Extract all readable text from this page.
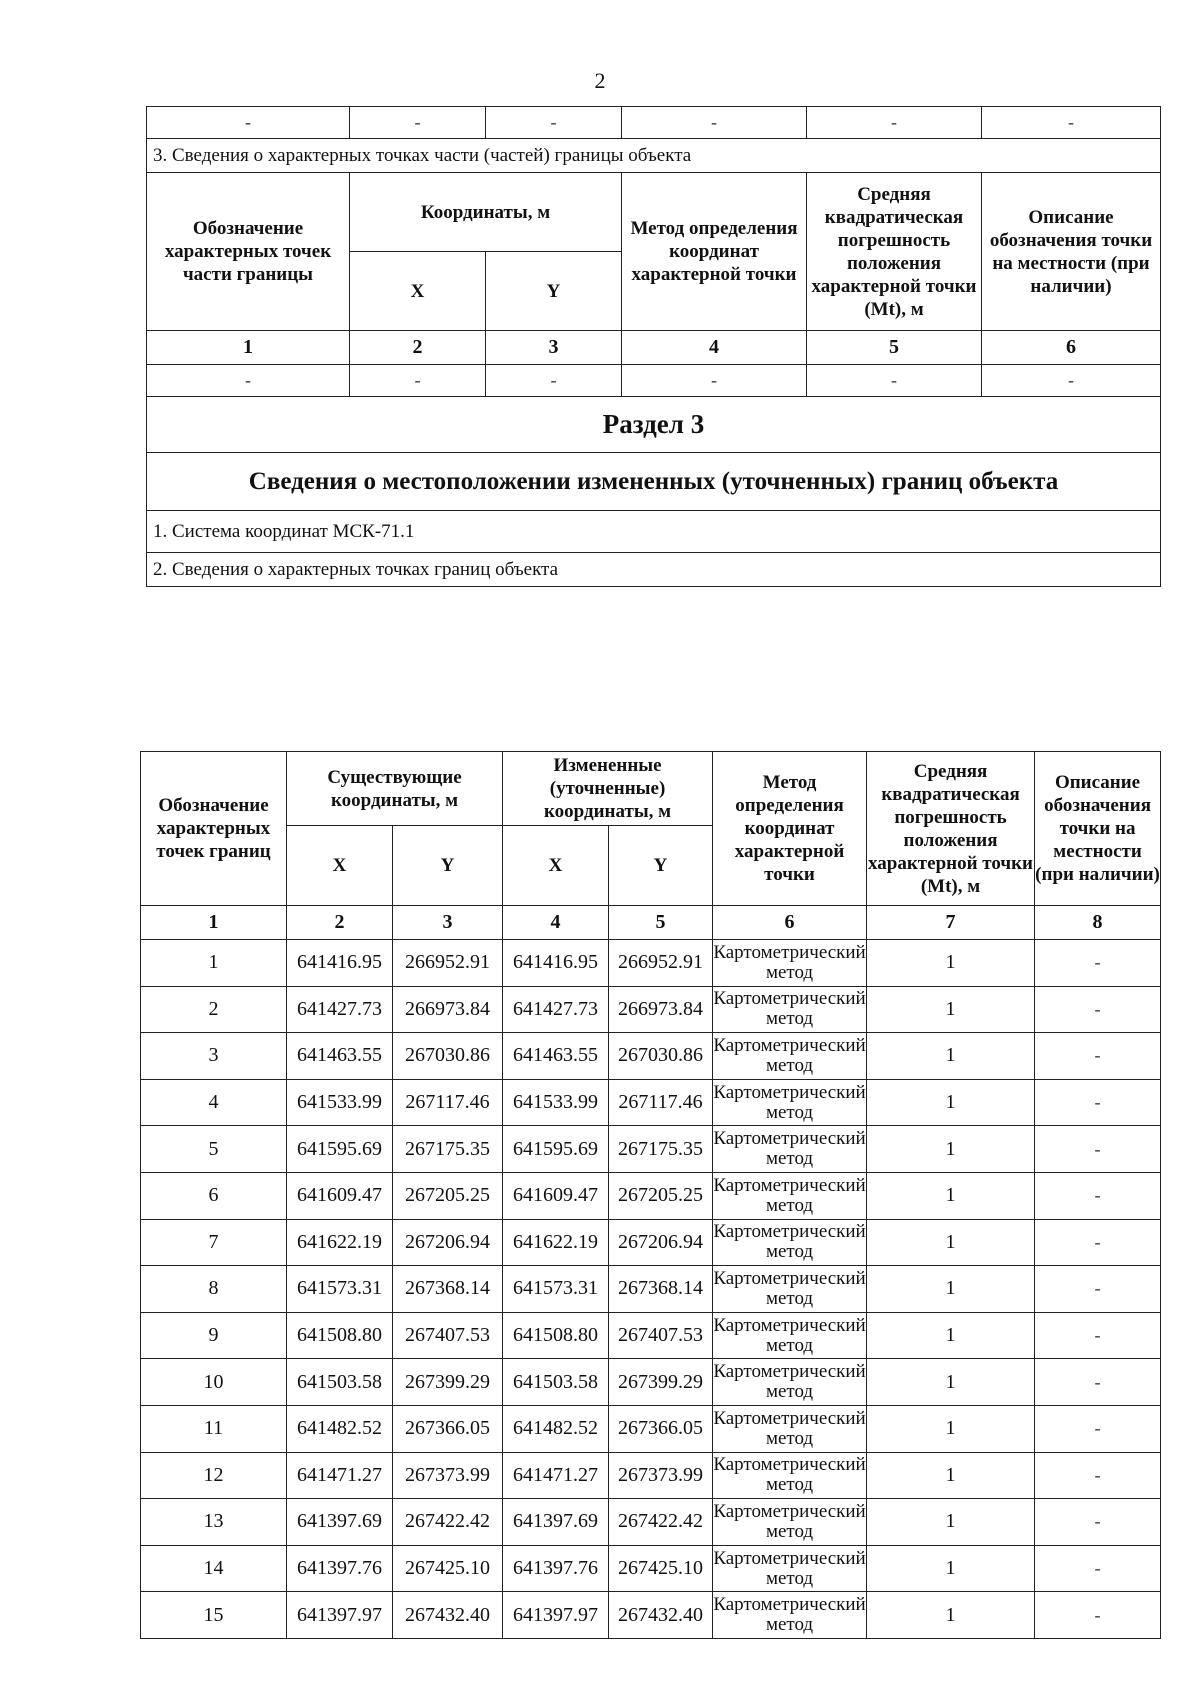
2
-	-	-	-	-	-
3. Сведения о характерных точках части (частей) границы объекта					
Обозначение характерных точек части границы	Координаты, м		Метод определения координат характерной точки	Средняя квадратическая погрешность положения характерной точки (Mt), м	Описание обозначения точки на местности (при наличии)
	X	Y			
1	2	3	4	5	6
-	-	-	-	-	-
Раздел 3					
Сведения о местоположении измененных (уточненных) границ объекта					
1. Система координат МСК-71.1					
2. Сведения о характерных точках границ объекта					
Обозначение характерных точек границ	Существующие координаты, м		Измененные (уточненные) координаты, м		Метод определения координат характерной точки	Средняя квадратическая погрешность положения характерной точки (Mt), м	Описание обозначения точки на местности (при наличии)
	X	Y	X	Y			
1	2	3	4	5	6	7	8
1	641416.95	266952.91	641416.95	266952.91	Картометрический метод	1	-
2	641427.73	266973.84	641427.73	266973.84	Картометрический метод	1	-
3	641463.55	267030.86	641463.55	267030.86	Картометрический метод	1	-
4	641533.99	267117.46	641533.99	267117.46	Картометрический метод	1	-
5	641595.69	267175.35	641595.69	267175.35	Картометрический метод	1	-
6	641609.47	267205.25	641609.47	267205.25	Картометрический метод	1	-
7	641622.19	267206.94	641622.19	267206.94	Картометрический метод	1	-
8	641573.31	267368.14	641573.31	267368.14	Картометрический метод	1	-
9	641508.80	267407.53	641508.80	267407.53	Картометрический метод	1	-
10	641503.58	267399.29	641503.58	267399.29	Картометрический метод	1	-
11	641482.52	267366.05	641482.52	267366.05	Картометрический метод	1	-
12	641471.27	267373.99	641471.27	267373.99	Картометрический метод	1	-
13	641397.69	267422.42	641397.69	267422.42	Картометрический метод	1	-
14	641397.76	267425.10	641397.76	267425.10	Картометрический метод	1	-
15	641397.97	267432.40	641397.97	267432.40	Картометрический метод	1	-
